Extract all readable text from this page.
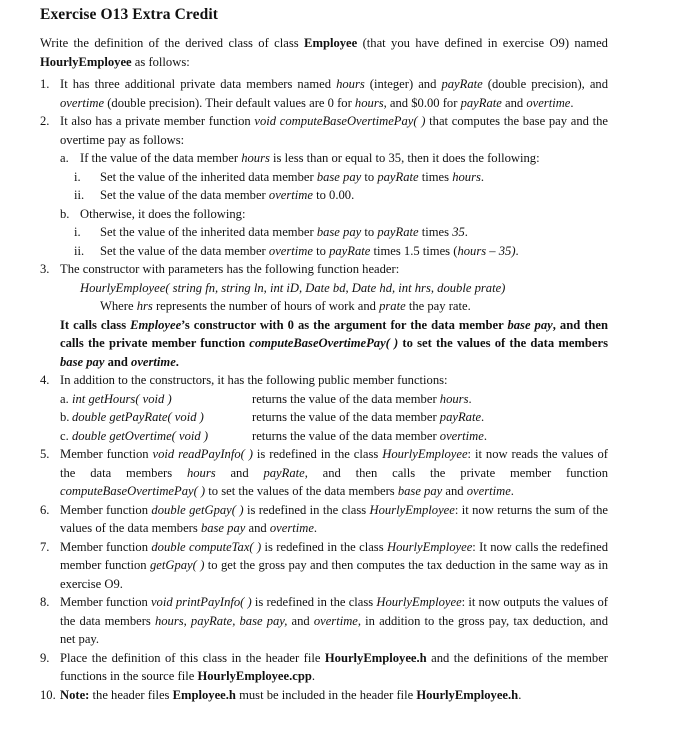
Exercise O13 Extra Credit

Write the definition of the derived class of class Employee (that you have defined in exercise O9) named HourlyEmployee as follows:

1. It has three additional private data members named hours (integer) and payRate (double precision), and overtime (double precision). Their default values are 0 for hours, and $0.00 for payRate and overtime.
2. It also has a private member function void computeBaseOvertimePay( ) that computes the base pay and the overtime pay as follows:
a. If the value of the data member hours is less than or equal to 35, then it does the following:
i. Set the value of the inherited data member base pay to payRate times hours.
ii. Set the value of the data member overtime to 0.00.
b. Otherwise, it does the following:
i. Set the value of the inherited data member base pay to payRate times 35.
ii. Set the value of the data member overtime to payRate times 1.5 times (hours – 35).
3. The constructor with parameters has the following function header:
HourlyEmployee( string fn, string ln, int iD, Date bd, Date hd, int hrs, double prate)
Where hrs represents the number of hours of work and prate the pay rate.
It calls class Employee’s constructor with 0 as the argument for the data member base pay, and then calls the private member function computeBaseOvertimePay( ) to set the values of the data members base pay and overtime.
4. In addition to the constructors, it has the following public member functions:
a. int getHours( void )	returns the value of the data member hours.
b. double getPayRate( void )	returns the value of the data member payRate.
c. double getOvertime( void )	returns the value of the data member overtime.
5. Member function void readPayInfo( ) is redefined in the class HourlyEmployee: it now reads the values of the data members hours and payRate, and then calls the private member function computeBaseOvertimePay( ) to set the values of the data members base pay and overtime.
6. Member function double getGpay( ) is redefined in the class HourlyEmployee: it now returns the sum of the values of the data members base pay and overtime.
7. Member function double computeTax( ) is redefined in the class HourlyEmployee: It now calls the redefined member function getGpay( ) to get the gross pay and then computes the tax deduction in the same way as in exercise O9.
8. Member function void printPayInfo( ) is redefined in the class HourlyEmployee: it now outputs the values of the data members hours, payRate, base pay, and overtime, in addition to the gross pay, tax deduction, and net pay.
9. Place the definition of this class in the header file HourlyEmployee.h and the definitions of the member functions in the source file HourlyEmployee.cpp.
10. Note: the header files Employee.h must be included in the header file HourlyEmployee.h.
